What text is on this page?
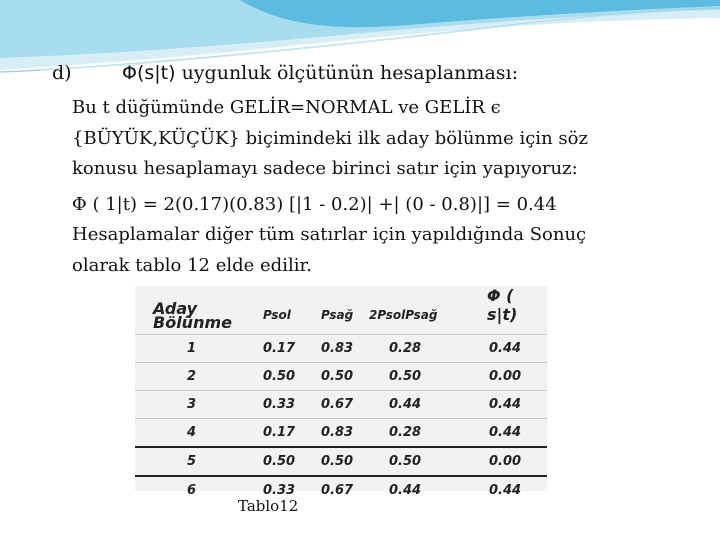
d)	Φ(s|t) uygunluk ölçütünün hesaplanması:
Bu t düğümünde GELİR=NORMAL ve GELİR ϵ
{BÜYÜK,KÜÇÜK} biçimindeki ilk aday bölünme için söz
konusu hesaplamayı sadece birinci satır için yapıyoruz:
Φ ( 1|t) = 2(0.17)(0.83) [|1 - 0.2)| +| (0 - 0.8)|] = 0.44
Hesaplamalar diğer tüm satırlar için yapıldığında Sonuç
olarak tablo 12 elde edilir.
Aday
Bölünme	Psol	Psağ	2PsolPsağ	Φ ( s|t)
1	0.17	0.83	0.28	0.44
2	0.50	0.50	0.50	0.00
3	0.33	0.67	0.44	0.44
4	0.17	0.83	0.28	0.44
5	0.50	0.50	0.50	0.00
6	0.33	0.67	0.44	0.44
Tablo12
